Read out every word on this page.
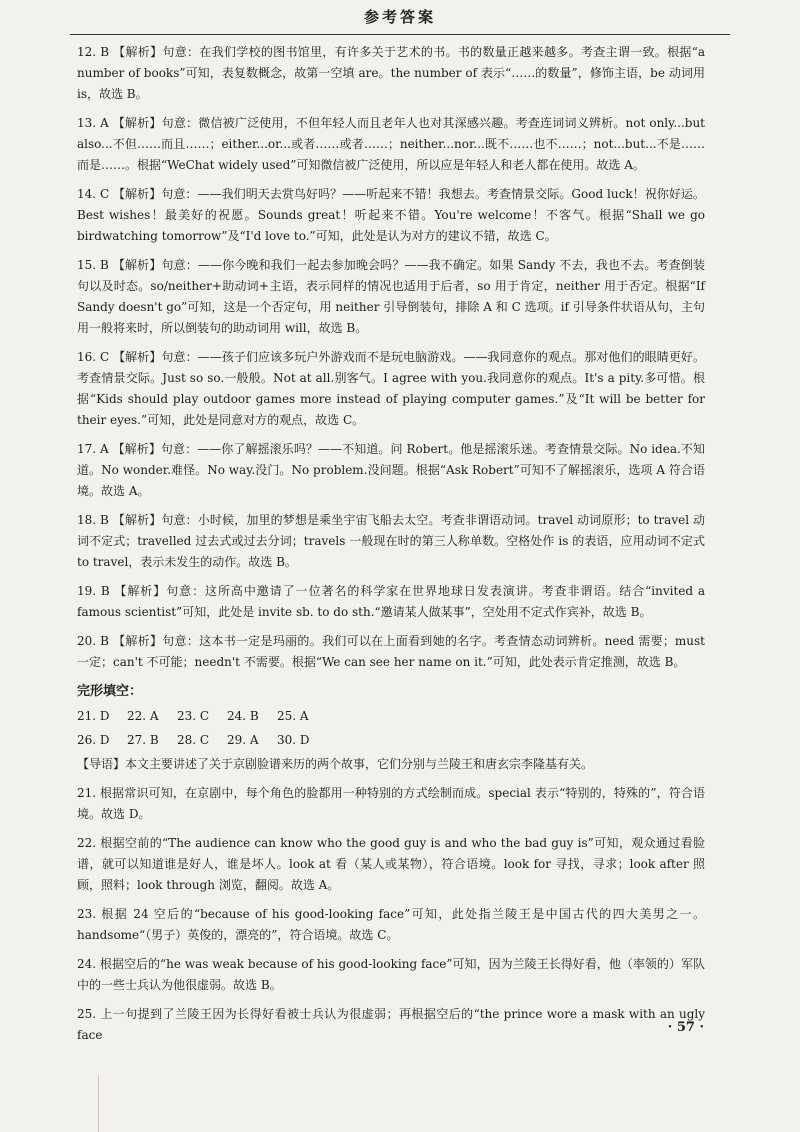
参考答案

12. B 【解析】句意：在我们学校的图书馆里，有许多关于艺术的书。书的数量正越来越多。考查主谓一致。根据“a number of books”可知，表复数概念，故第一空填 are。the number of 表示“……的数量”，修饰主语，be 动词用 is，故选 B。

13. A 【解析】句意：微信被广泛使用，不但年轻人而且老年人也对其深感兴趣。考查连词词义辨析。not only...but also...不但……而且……；either...or...或者……或者……；neither...nor...既不……也不……；not...but...不是……而是……。根据“WeChat widely used”可知微信被广泛使用，所以应是年轻人和老人都在使用。故选 A。

14. C 【解析】句意：——我们明天去赏鸟好吗？——听起来不错！我想去。考查情景交际。Good luck！祝你好运。Best wishes！最美好的祝愿。Sounds great！听起来不错。You're welcome！不客气。根据“Shall we go birdwatching tomorrow”及“I'd love to.”可知，此处是认为对方的建议不错，故选 C。

15. B 【解析】句意：——你今晚和我们一起去参加晚会吗？——我不确定。如果 Sandy 不去，我也不去。考查倒装句以及时态。so/neither+助动词+主语，表示同样的情况也适用于后者，so 用于肯定，neither 用于否定。根据“If Sandy doesn't go”可知，这是一个否定句，用 neither 引导倒装句，排除 A 和 C 选项。if 引导条件状语从句，主句用一般将来时，所以倒装句的助动词用 will，故选 B。

16. C 【解析】句意：——孩子们应该多玩户外游戏而不是玩电脑游戏。——我同意你的观点。那对他们的眼睛更好。考查情景交际。Just so so.一般般。Not at all.别客气。I agree with you.我同意你的观点。It's a pity.多可惜。根据“Kids should play outdoor games more instead of playing computer games.”及“It will be better for their eyes.”可知，此处是同意对方的观点，故选 C。

17. A 【解析】句意：——你了解摇滚乐吗？——不知道。问 Robert。他是摇滚乐迷。考查情景交际。No idea.不知道。No wonder.难怪。No way.没门。No problem.没问题。根据“Ask Robert”可知不了解摇滚乐，选项 A 符合语境。故选 A。

18. B 【解析】句意：小时候，加里的梦想是乘坐宇宙飞船去太空。考查非谓语动词。travel 动词原形；to travel 动词不定式；travelled 过去式或过去分词；travels 一般现在时的第三人称单数。空格处作 is 的表语，应用动词不定式 to travel，表示未发生的动作。故选 B。

19. B 【解析】句意：这所高中邀请了一位著名的科学家在世界地球日发表演讲。考查非谓语。结合“invited a famous scientist”可知，此处是 invite sb. to do sth.“邀请某人做某事”，空处用不定式作宾补，故选 B。

20. B 【解析】句意：这本书一定是玛丽的。我们可以在上面看到她的名字。考查情态动词辨析。need 需要；must 一定；can't 不可能；needn't 不需要。根据“We can see her name on it.”可知，此处表示肯定推测，故选 B。

完形填空：
21. D	22. A	23. C	24. B	25. A
26. D	27. B	28. C	29. A	30. D

【导语】本文主要讲述了关于京剧脸谱来历的两个故事，它们分别与兰陵王和唐玄宗李隆基有关。

21. 根据常识可知，在京剧中，每个角色的脸都用一种特别的方式绘制而成。special 表示“特别的，特殊的”，符合语境。故选 D。

22. 根据空前的“The audience can know who the good guy is and who the bad guy is”可知，观众通过看脸谱，就可以知道谁是好人，谁是坏人。look at 看（某人或某物），符合语境。look for 寻找，寻求；look after 照顾，照料；look through 浏览，翻阅。故选 A。

23. 根据 24 空后的“because of his good-looking face”可知，此处指兰陵王是中国古代的四大美男之一。handsome“（男子）英俊的，漂亮的”，符合语境。故选 C。

24. 根据空后的“he was weak because of his good-looking face”可知，因为兰陵王长得好看，他（率领的）军队中的一些士兵认为他很虚弱。故选 B。

25. 上一句提到了兰陵王因为长得好看被士兵认为很虚弱；再根据空后的“the prince wore a mask with an ugly face	· 57 ·
